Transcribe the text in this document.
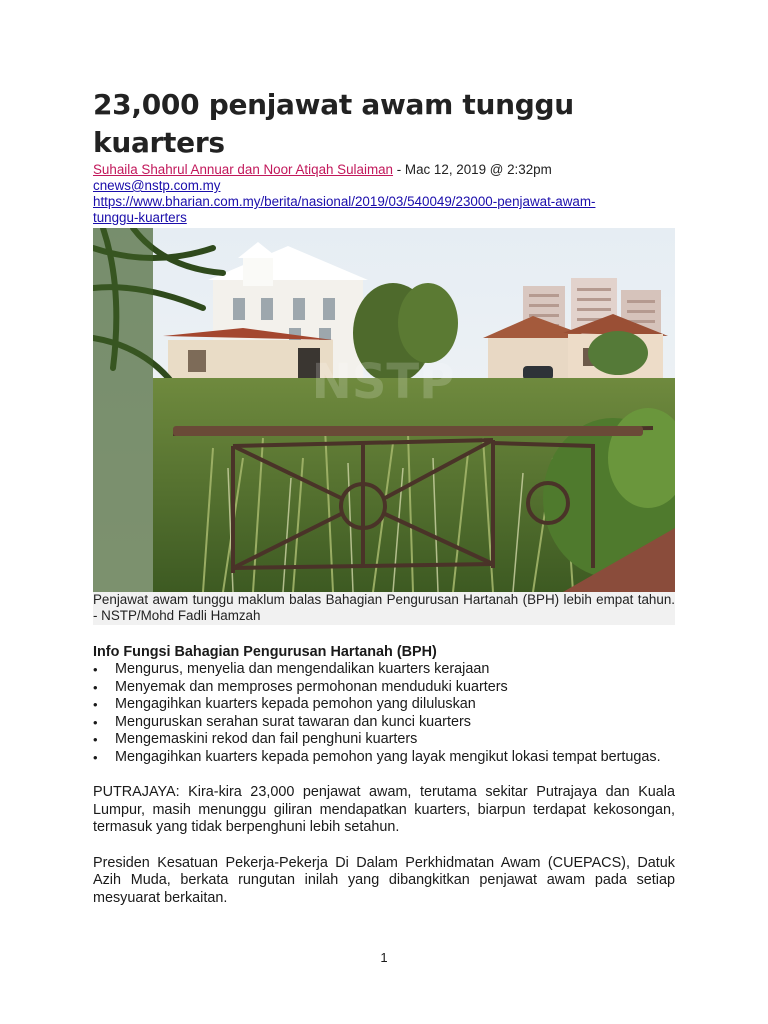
23,000 penjawat awam tunggu kuarters
Suhaila Shahrul Annuar dan Noor Atiqah Sulaiman - Mac 12, 2019 @ 2:32pm
cnews@nstp.com.my
https://www.bharian.com.my/berita/nasional/2019/03/540049/23000-penjawat-awam-
tunggu-kuarters
NSTP
Penjawat awam tunggu maklum balas Bahagian Pengurusan Hartanah (BPH) lebih empat tahun. - NSTP/Mohd Fadli Hamzah
Info Fungsi Bahagian Pengurusan Hartanah (BPH)
• Mengurus, menyelia dan mengendalikan kuarters kerajaan
• Menyemak dan memproses permohonan menduduki kuarters
• Mengagihkan kuarters kepada pemohon yang diluluskan
• Menguruskan serahan surat tawaran dan kunci kuarters
• Mengemaskini rekod dan fail penghuni kuarters
• Mengagihkan kuarters kepada pemohon yang layak mengikut lokasi tempat bertugas.

PUTRAJAYA: Kira-kira 23,000 penjawat awam, terutama sekitar Putrajaya dan Kuala Lumpur, masih menunggu giliran mendapatkan kuarters, biarpun terdapat kekosongan, termasuk yang tidak berpenghuni lebih setahun.

Presiden Kesatuan Pekerja-Pekerja Di Dalam Perkhidmatan Awam (CUEPACS), Datuk Azih Muda, berkata rungutan inilah yang dibangkitkan penjawat awam pada setiap mesyuarat berkaitan.

1
